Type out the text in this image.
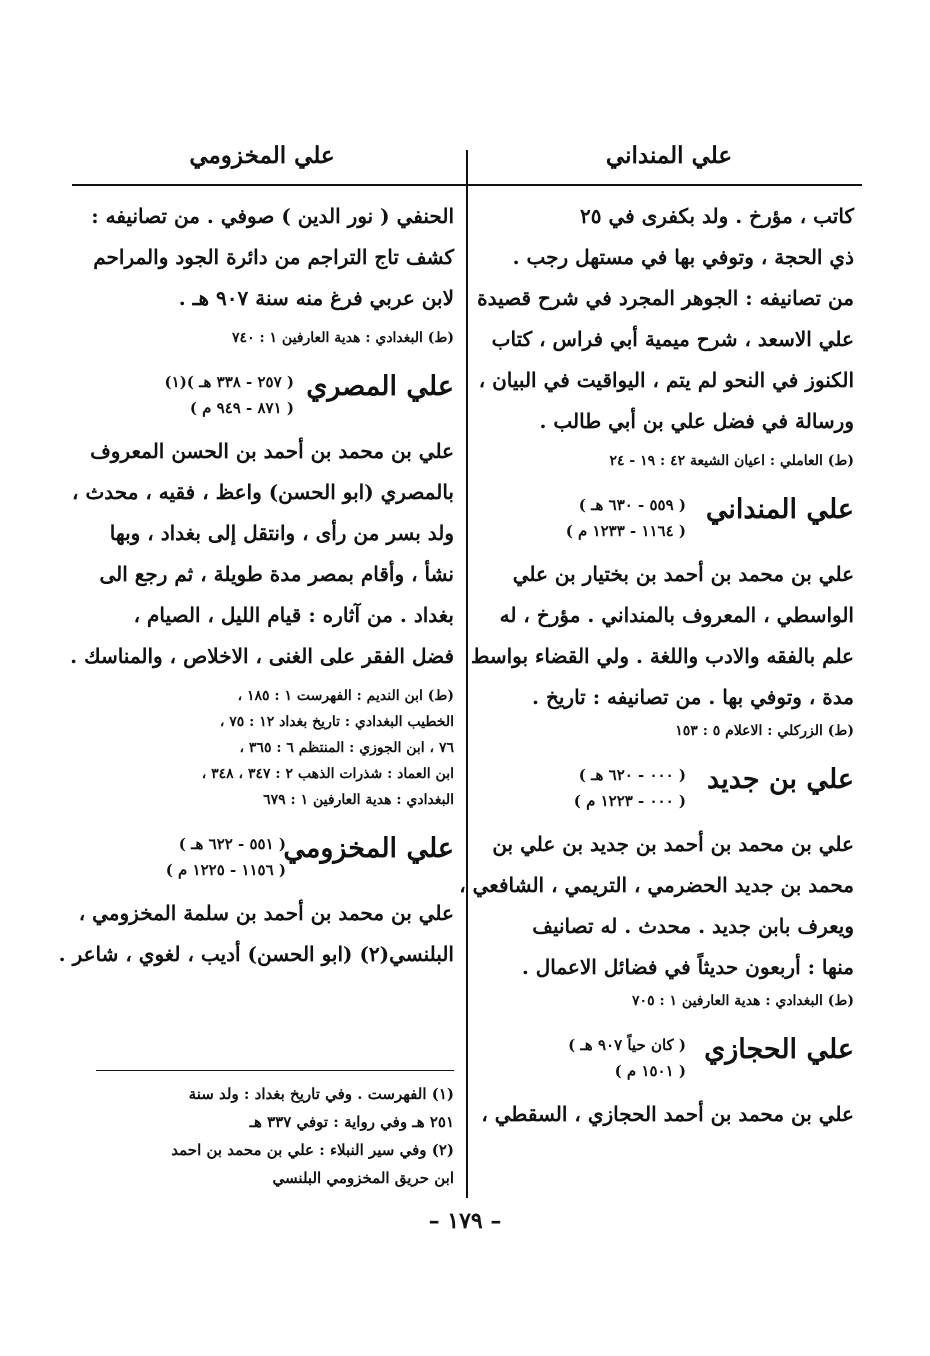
علي المنداني
علي المخزومي
كاتب ، مؤرخ . ولد بكفرى في ٢٥
ذي الحجة ، وتوفي بها في مستهل رجب .
من تصانيفه : الجوهر المجرد في شرح قصيدة
علي الاسعد ، شرح ميمية أبي فراس ، كتاب
الكنوز في النحو لم يتم ، اليواقيت في البيان ،
ورسالة في فضل علي بن أبي طالب .
(ط) العاملي : اعيان الشيعة ٤٢ : ١٩ - ٢٤
علي المنداني
( ٥٥٩ - ٦٣٠ هـ )
( ١١٦٤ - ١٢٣٣ م )
علي بن محمد بن أحمد بن بختيار بن علي
الواسطي ، المعروف بالمنداني . مؤرخ ، له
علم بالفقه والادب واللغة . ولي القضاء بواسط
مدة ، وتوفي بها . من تصانيفه : تاريخ .
(ط) الزركلي : الاعلام ٥ : ١٥٣
علي بن جديد
( ٠٠٠ - ٦٢٠ هـ )
( ٠٠٠ - ١٢٢٣ م )
علي بن محمد بن أحمد بن جديد بن علي بن
محمد بن جديد الحضرمي ، التريمي ، الشافعي ،
ويعرف بابن جديد . محدث . له تصانيف
منها : أربعون حديثاً في فضائل الاعمال .
(ط) البغدادي : هدية العارفين ١ : ٧٠٥
علي الحجازي
( كان حياً ٩٠٧ هـ )
( ١٥٠١ م )
علي بن محمد بن أحمد الحجازي ، السقطي ،
الحنفي ( نور الدين ) صوفي . من تصانيفه :
كشف تاج التراجم من دائرة الجود والمراحم
لابن عربي فرغ منه سنة ٩٠٧ هـ .
(ط) البغدادي : هدية العارفين ١ : ٧٤٠
علي المصري
( ٢٥٧ - ٣٣٨ هـ )(١)
( ٨٧١ - ٩٤٩ م )
علي بن محمد بن أحمد بن الحسن المعروف
بالمصري (ابو الحسن) واعظ ، فقيه ، محدث ،
ولد بسر من رأى ، وانتقل إلى بغداد ، وبها
نشأ ، وأقام بمصر مدة طويلة ، ثم رجع الى
بغداد . من آثاره : قيام الليل ، الصيام ،
فضل الفقر على الغنى ، الاخلاص ، والمناسك .
(ط) ابن النديم : الفهرست ١ : ١٨٥ ،
الخطيب البغدادي : تاريخ بغداد ١٢ : ٧٥ ،
٧٦ ، ابن الجوزي : المنتظم ٦ : ٣٦٥ ،
ابن العماد : شذرات الذهب ٢ : ٣٤٧ ، ٣٤٨ ،
البغدادي : هدية العارفين ١ : ٦٧٩
علي المخزومي
( ٥٥١ - ٦٢٢ هـ )
( ١١٥٦ - ١٢٢٥ م )
علي بن محمد بن أحمد بن سلمة المخزومي ،
البلنسي(٢) (ابو الحسن) أديب ، لغوي ، شاعر .
(١) الفهرست . وفي تاريخ بغداد : ولد سنة
٢٥١ هـ وفي رواية : توفي ٣٣٧ هـ
(٢) وفي سير النبلاء : علي بن محمد بن احمد
ابن حريق المخزومي البلنسي
– ١٧٩ –
